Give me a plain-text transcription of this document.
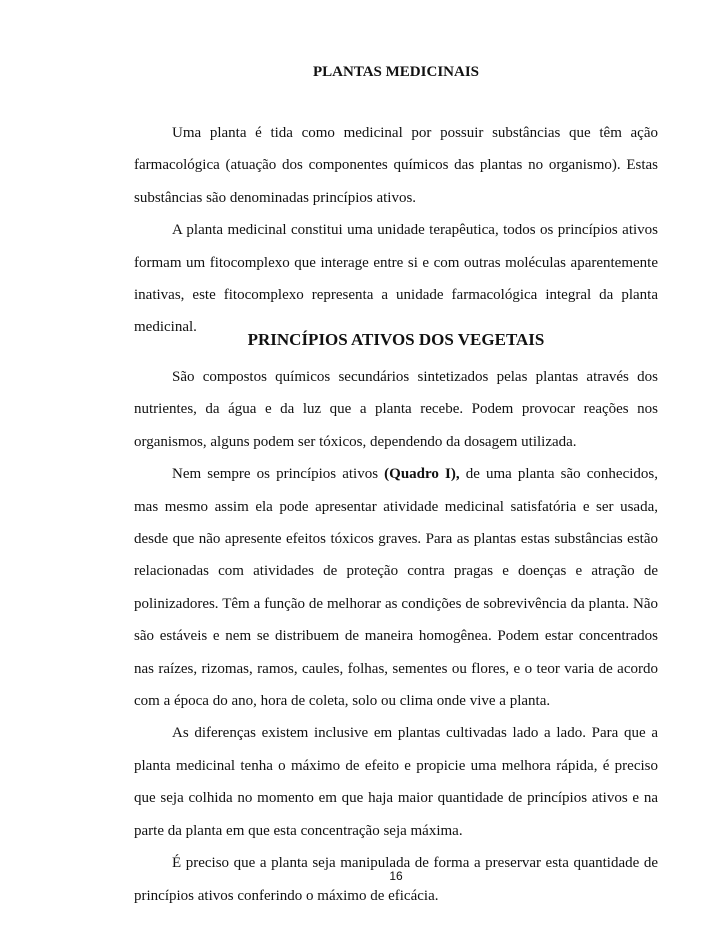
PLANTAS MEDICINAIS

Uma planta é tida como medicinal por possuir substâncias que têm ação farmacológica (atuação dos componentes químicos das plantas no organismo). Estas substâncias são denominadas princípios ativos.

A planta medicinal constitui uma unidade terapêutica, todos os princípios ativos formam um fitocomplexo que interage entre si e com outras moléculas aparentemente inativas, este fitocomplexo representa a unidade farmacológica integral da planta medicinal.

PRINCÍPIOS ATIVOS DOS VEGETAIS

São compostos químicos secundários sintetizados pelas plantas através dos nutrientes, da água e da luz que a planta recebe. Podem provocar reações nos organismos, alguns podem ser tóxicos, dependendo da dosagem utilizada.

Nem sempre os princípios ativos (Quadro I), de uma planta são conhecidos, mas mesmo assim ela pode apresentar atividade medicinal satisfatória e ser usada, desde que não apresente efeitos tóxicos graves. Para as plantas estas substâncias estão relacionadas com atividades de proteção contra pragas e doenças e atração de polinizadores. Têm a função de melhorar as condições de sobrevivência da planta. Não são estáveis e nem se distribuem de maneira homogênea. Podem estar concentrados nas raízes, rizomas, ramos, caules, folhas, sementes ou flores, e o teor varia de acordo com a época do ano, hora de coleta, solo ou clima onde vive a planta.

As diferenças existem inclusive em plantas cultivadas lado a lado. Para que a planta medicinal tenha o máximo de efeito e propicie uma melhora rápida, é preciso que seja colhida no momento em que haja maior quantidade de princípios ativos e na parte da planta em que esta concentração seja máxima.

É preciso que a planta seja manipulada de forma a preservar esta quantidade de princípios ativos conferindo o máximo de eficácia.

16
